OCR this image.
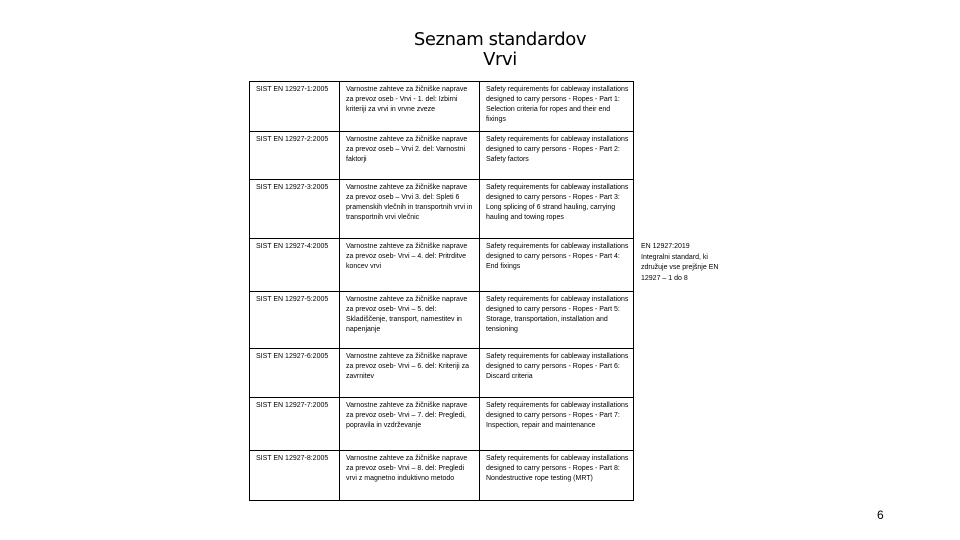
Seznam standardov
Vrvi
SIST EN 12927-1:2005	Varnostne zahteve za žičniške naprave za prevoz oseb - Vrvi - 1. del: Izbirni kriteriji za vrvi in vrvne zveze	Safety requirements for cableway installations designed to carry persons - Ropes - Part 1: Selection criteria for ropes and their end fixings
SIST EN 12927-2:2005	Varnostne zahteve za žičniške naprave za prevoz oseb – Vrvi 2. del: Varnostni faktorji	Safety requirements for cableway installations designed to carry persons - Ropes - Part 2: Safety factors
SIST EN 12927-3:2005	Varnostne zahteve za žičniške naprave za prevoz oseb – Vrvi 3. del: Spleti 6 pramenskih vlečnih in transportnih vrvi in transportnih vrvi vlečnic	Safety requirements for cableway installations designed to carry persons - Ropes - Part 3: Long splicing of 6 strand hauling, carrying hauling and towing ropes
SIST EN 12927-4:2005	Varnostne zahteve za žičniške naprave za prevoz oseb- Vrvi – 4. del: Pritrditve koncev vrvi	Safety requirements for cableway installations designed to carry persons - Ropes - Part 4: End fixings
SIST EN 12927-5:2005	Varnostne zahteve za žičniške naprave za prevoz oseb- Vrvi – 5. del: Skladiščenje, transport, namestitev in napenjanje	Safety requirements for cableway installations designed to carry persons - Ropes - Part 5: Storage, transportation, installation and tensioning
SIST EN 12927-6:2005	Varnostne zahteve za žičniške naprave za prevoz oseb- Vrvi – 6. del: Kriteriji za zavrnitev	Safety requirements for cableway installations designed to carry persons - Ropes - Part 6: Discard criteria
SIST EN 12927-7:2005	Varnostne zahteve za žičniške naprave za prevoz oseb- Vrvi – 7. del: Pregledi, popravila in vzdrževanje	Safety requirements for cableway installations designed to carry persons - Ropes - Part 7: Inspection, repair and maintenance
SIST EN 12927-8:2005	Varnostne zahteve za žičniške naprave za prevoz oseb- Vrvi – 8. del: Pregledi vrvi z magnetno induktivno metodo	Safety requirements for cableway installations designed to carry persons - Ropes - Part 8: Nondestructive rope testing (MRT)
EN 12927:2019
Integralni standard, ki združuje vse prejšnje EN 12927 – 1 do 8
6
